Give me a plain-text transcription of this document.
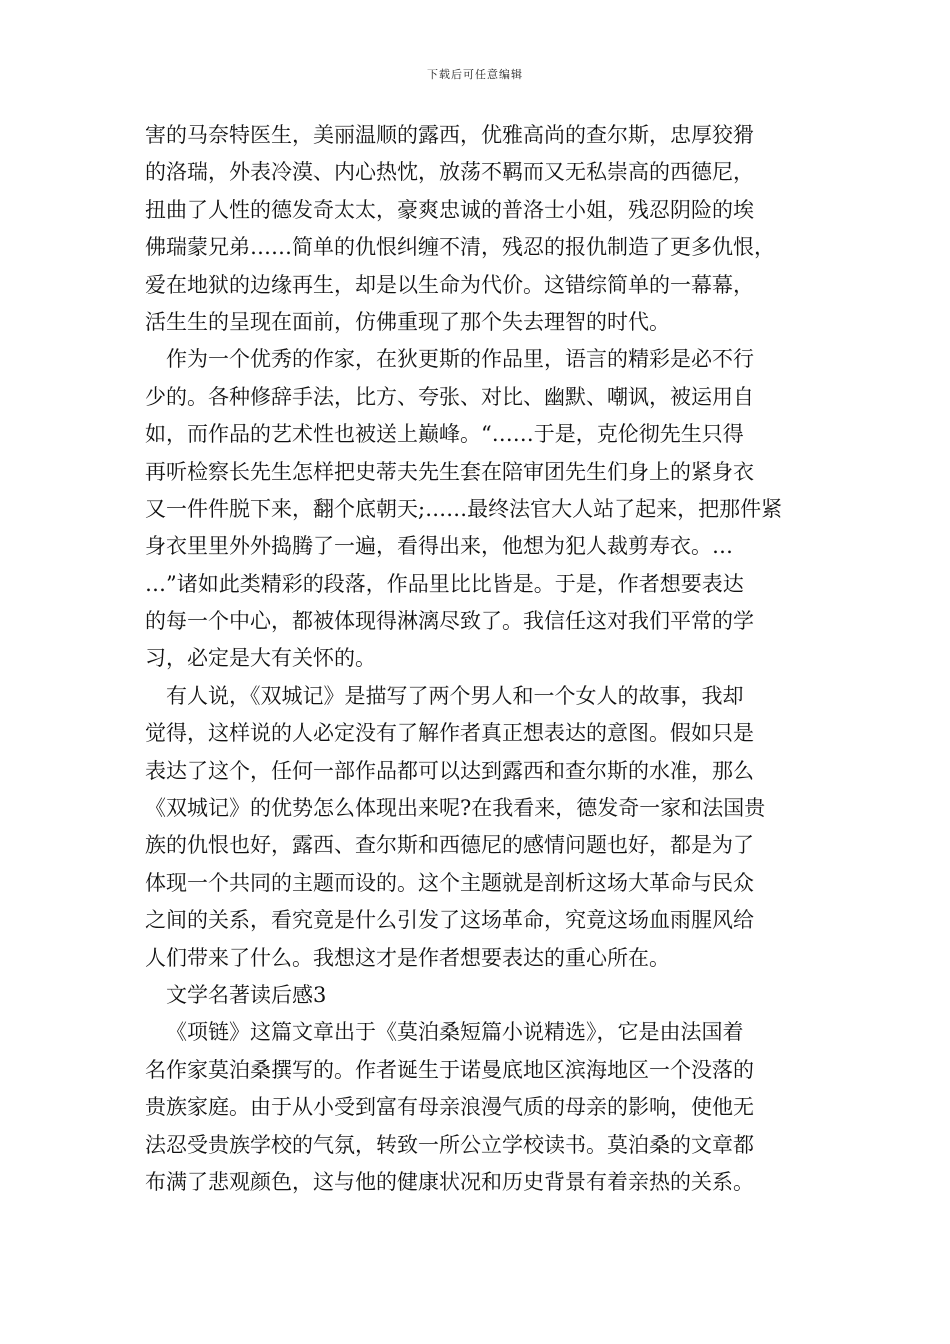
下载后可任意编辑
害的马奈特医生，美丽温顺的露西，优雅高尚的查尔斯，忠厚狡猾
的洛瑞，外表冷漠、内心热忱，放荡不羁而又无私崇高的西德尼，
扭曲了人性的德发奇太太，豪爽忠诚的普洛士小姐，残忍阴险的埃
佛瑞蒙兄弟……简单的仇恨纠缠不清，残忍的报仇制造了更多仇恨，
爱在地狱的边缘再生，却是以生命为代价。这错综简单的一幕幕，
活生生的呈现在面前，仿佛重现了那个失去理智的时代。
作为一个优秀的作家，在狄更斯的作品里，语言的精彩是必不行
少的。各种修辞手法，比方、夸张、对比、幽默、嘲讽，被运用自
如，而作品的艺术性也被送上巅峰。“……于是，克伦彻先生只得
再听检察长先生怎样把史蒂夫先生套在陪审团先生们身上的紧身衣
又一件件脱下来，翻个底朝天;……最终法官大人站了起来，把那件紧
身衣里里外外捣腾了一遍，看得出来，他想为犯人裁剪寿衣。…
…”诸如此类精彩的段落，作品里比比皆是。于是，作者想要表达
的每一个中心，都被体现得淋漓尽致了。我信任这对我们平常的学
习，必定是大有关怀的。
有人说，《双城记》是描写了两个男人和一个女人的故事，我却
觉得，这样说的人必定没有了解作者真正想表达的意图。假如只是
表达了这个，任何一部作品都可以达到露西和查尔斯的水准，那么
《双城记》的优势怎么体现出来呢?在我看来，德发奇一家和法国贵
族的仇恨也好，露西、查尔斯和西德尼的感情问题也好，都是为了
体现一个共同的主题而设的。这个主题就是剖析这场大革命与民众
之间的关系，看究竟是什么引发了这场革命，究竟这场血雨腥风给
人们带来了什么。我想这才是作者想要表达的重心所在。
文学名著读后感3
《项链》这篇文章出于《莫泊桑短篇小说精选》，它是由法国着
名作家莫泊桑撰写的。作者诞生于诺曼底地区滨海地区一个没落的
贵族家庭。由于从小受到富有母亲浪漫气质的母亲的影响，使他无
法忍受贵族学校的气氛，转致一所公立学校读书。莫泊桑的文章都
布满了悲观颜色，这与他的健康状况和历史背景有着亲热的关系。
